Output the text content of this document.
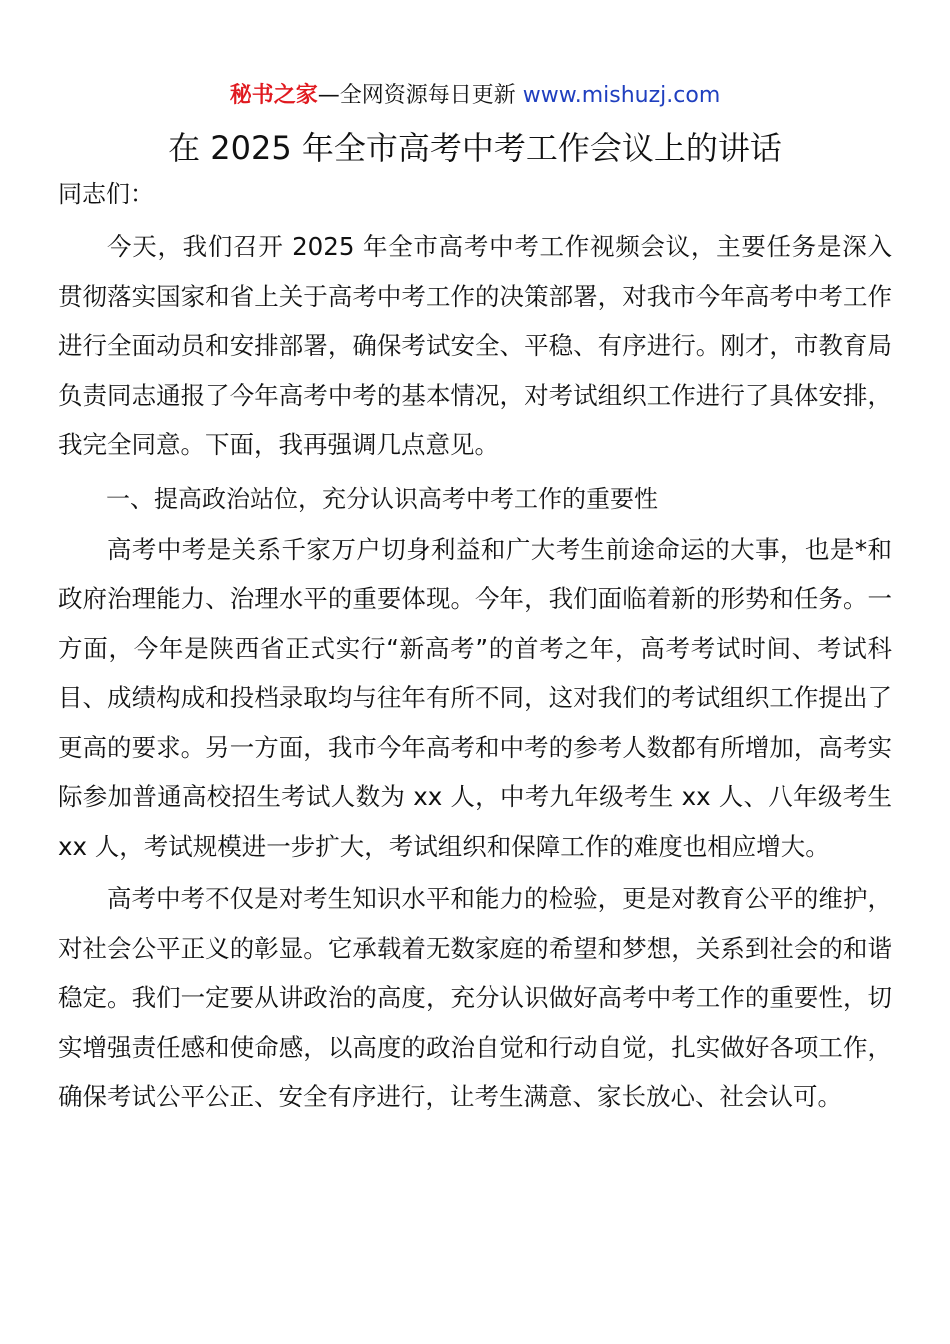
秘书之家—全网资源每日更新 www.mishuzj.com
在 2025 年全市高考中考工作会议上的讲话

同志们：

今天，我们召开 2025 年全市高考中考工作视频会议，主要任务是深入贯彻落实国家和省上关于高考中考工作的决策部署，对我市今年高考中考工作进行全面动员和安排部署，确保考试安全、平稳、有序进行。刚才，市教育局负责同志通报了今年高考中考的基本情况，对考试组织工作进行了具体安排，我完全同意。下面，我再强调几点意见。

一、提高政治站位，充分认识高考中考工作的重要性

高考中考是关系千家万户切身利益和广大考生前途命运的大事，也是*和政府治理能力、治理水平的重要体现。今年，我们面临着新的形势和任务。一方面，今年是陕西省正式实行“新高考”的首考之年，高考考试时间、考试科目、成绩构成和投档录取均与往年有所不同，这对我们的考试组织工作提出了更高的要求。另一方面，我市今年高考和中考的参考人数都有所增加，高考实际参加普通高校招生考试人数为 xx 人，中考九年级考生 xx 人、八年级考生 xx 人，考试规模进一步扩大，考试组织和保障工作的难度也相应增大。

高考中考不仅是对考生知识水平和能力的检验，更是对教育公平的维护，对社会公平正义的彰显。它承载着无数家庭的希望和梦想，关系到社会的和谐稳定。我们一定要从讲政治的高度，充分认识做好高考中考工作的重要性，切实增强责任感和使命感，以高度的政治自觉和行动自觉，扎实做好各项工作，确保考试公平公正、安全有序进行，让考生满意、家长放心、社会认可。
